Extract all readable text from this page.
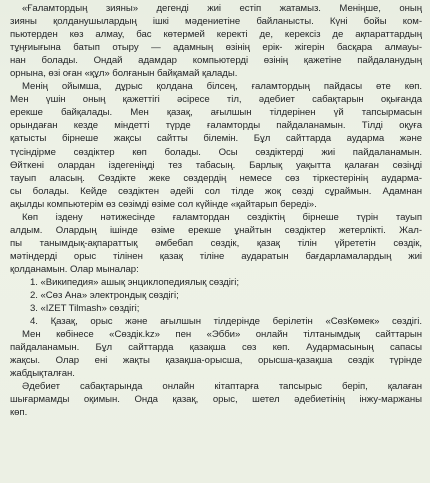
«Ғаламтордың зияны» дегенді жиі естіп жатамыз. Меніңше, оның
зияны қолданушылардың ішкі мәдениетіне байланысты. Күні бойы ком-
пьютерден көз алмау, бас көтермей керекті де, керексіз де ақпараттардың
тұңғиығына батып отыру — адамның өзінің ерік- жігерін басқара алмауы-
нан болады. Ондай адамдар компьютерді өзінің қажетіне пайдаланудың
орнына, өзі оған «құл» болғанын байқамай қалады.
Менің ойымша, дұрыс қолдана білсең, ғаламтордың пайдасы өте көп.
Мен үшін оның қажеттігі әсіресе тіл, әдебиет сабақтарын оқығанда
ерекше байқалады. Мен қазақ, ағылшын тілдерінен үй тапсырмасын
орындаған кезде міндетті түрде ғаламторды пайдаланамын. Тілді оқуға
қатысты бірнеше жақсы сайтты білемін. Бұл сайттарда аударма және
түсіндірме сөздіктер көп болады. Осы сөздіктерді жиі пайдаланамын.
Өйткені олардан іздегеніңді тез табасың. Барлық уақытта қалаған сөзіңді
тауып аласың. Сөздікте жеке сөздердің немесе сөз тіркестерінің аударма-
сы болады. Кейде сөздіктен әдейі сол тілде жоқ сөзді сұраймын. Адамнан
ақылды компьютерім өз сөзімді өзіме сол күйінде «қайтарып береді».
Көп іздену нәтижесінде ғаламтордан сөздіктің бірнеше түрін тауып
алдым. Олардың ішінде өзіме ерекше ұнайтын сөздіктер жетерлікті. Жал-
пы танымдық-ақпараттық әмбебап сөздік, қазақ тілін үйрететін сөздік,
мәтіндерді орыс тілінен қазақ тіліне аударатын бағдарламалардың жиі
қолданамын. Олар мыналар:
1. «Википедия» ашық энциклопедиялық сөздігі;
2. «Сөз Ана» электрондық сөздігі;
3. «IZET Tilmash» сөздігі;
4. Қазақ, орыс және ағылшын тілдерінде берілетін «СөзКөмек» сөздігі.
Мен көбінесе «Сөздік.kz» пен «Эбби» онлайн тілтанымдық сайттарын
пайдаланамын. Бұл сайттарда қазақша сөз көп. Аудармасының сапасы
жақсы. Олар ені жақты қазақша-орысша, орысша-қазақша сөздік түрінде
жабдықталған.
Әдебиет сабақтарында онлайн кітаптарға тапсырыс беріп, қалаған
шығармамды оқимын. Онда қазақ, орыс, шетел әдебиетінің інжу-маржаны
көп.
